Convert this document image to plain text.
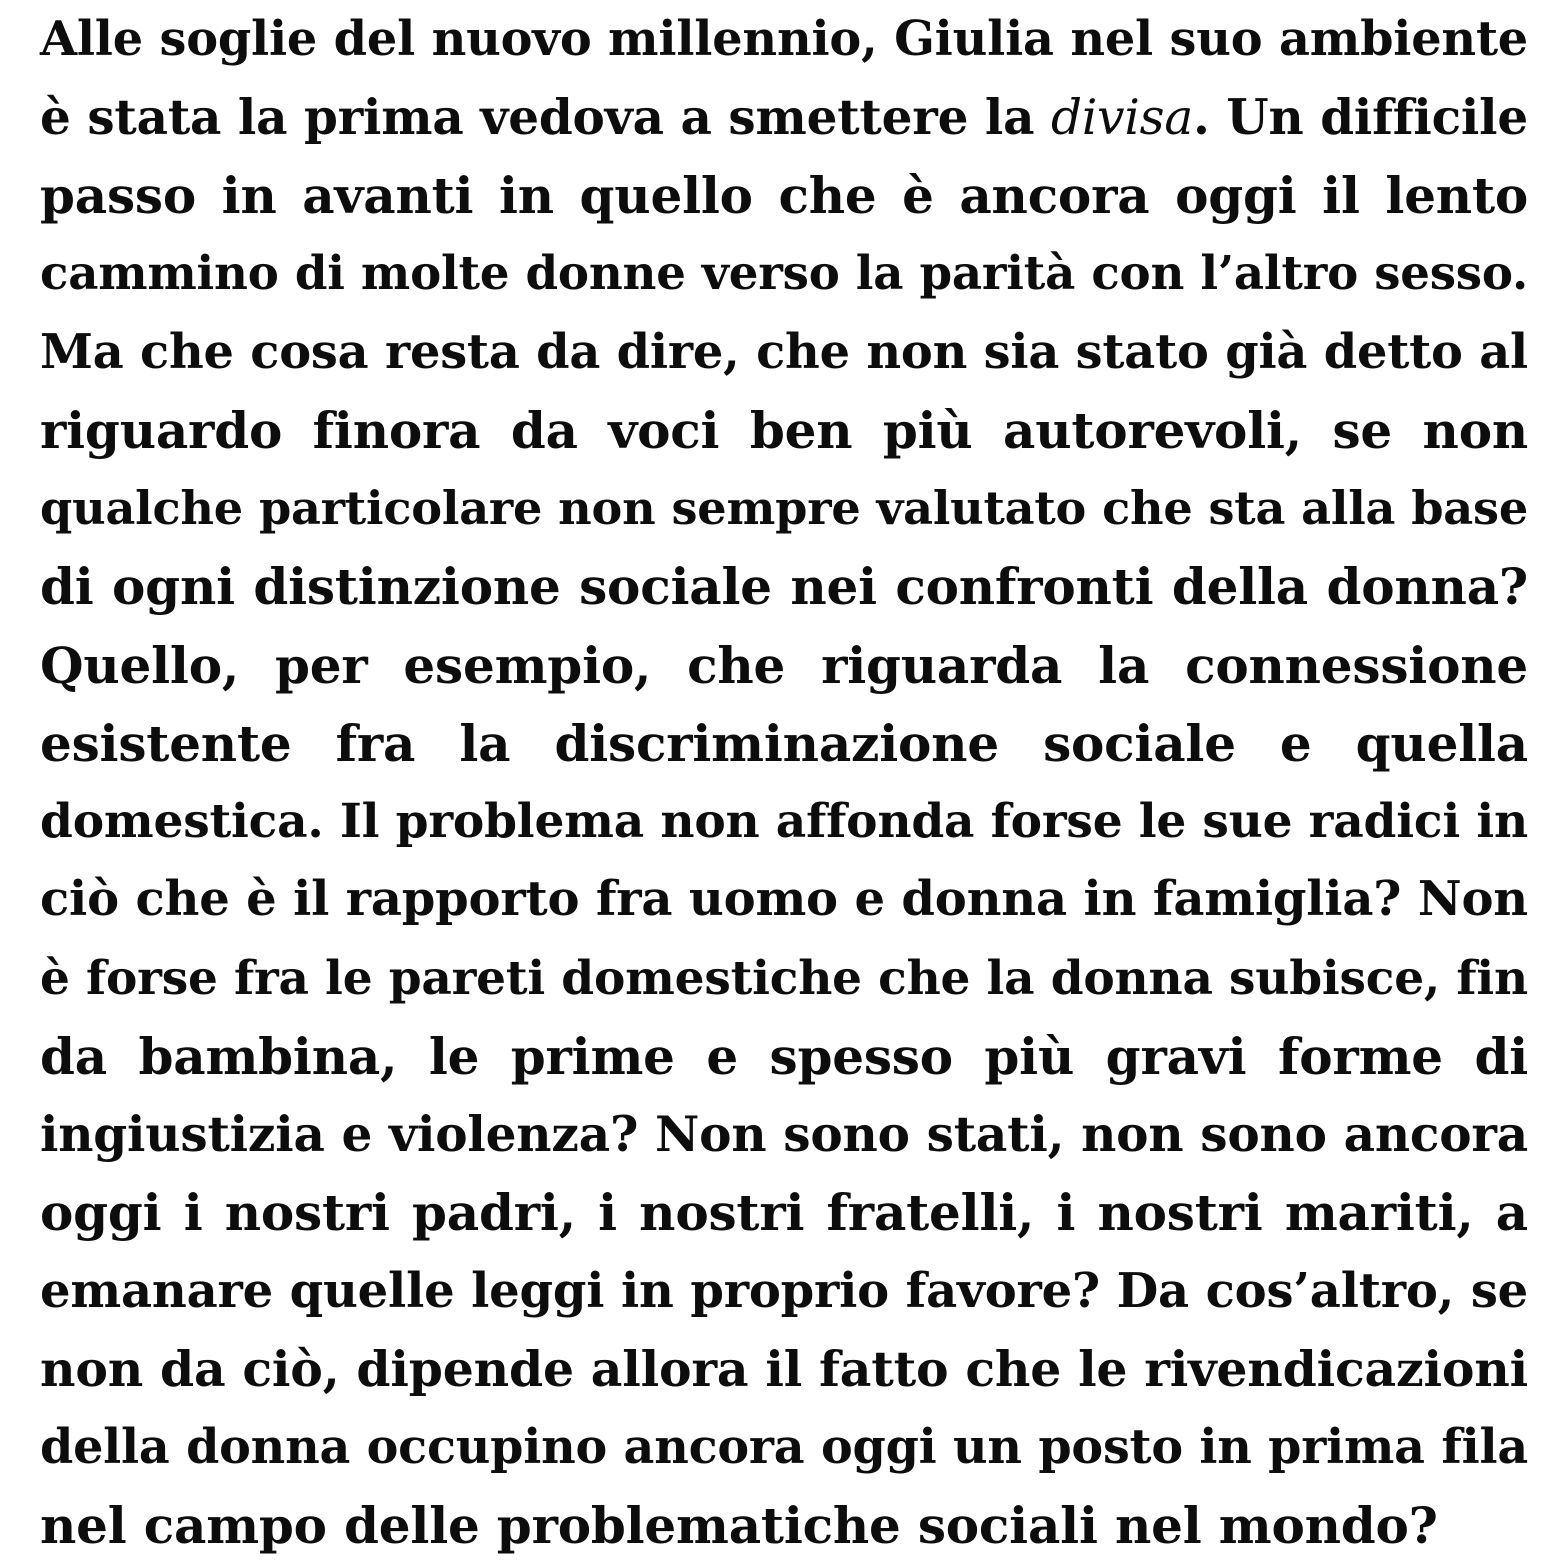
Alle soglie del nuovo millennio, Giulia nel suo ambiente

è stata la prima vedova a smettere la divisa. Un difficile

passo in avanti in quello che è ancora oggi il lento

cammino di molte donne verso la parità con l’altro sesso.

Ma che cosa resta da dire, che non sia stato già detto al

riguardo finora da voci ben più autorevoli, se non

qualche particolare non sempre valutato che sta alla base

di ogni distinzione sociale nei confronti della donna?

Quello, per esempio, che riguarda la connessione

esistente fra la discriminazione sociale e quella

domestica. Il problema non affonda forse le sue radici in

ciò che è il rapporto fra uomo e donna in famiglia? Non

è forse fra le pareti domestiche che la donna subisce, fin

da bambina, le prime e spesso più gravi forme di

ingiustizia e violenza? Non sono stati, non sono ancora

oggi i nostri padri, i nostri fratelli, i nostri mariti, a

emanare quelle leggi in proprio favore? Da cos’altro, se

non da ciò, dipende allora il fatto che le rivendicazioni

della donna occupino ancora oggi un posto in prima fila

nel campo delle problematiche sociali nel mondo?
